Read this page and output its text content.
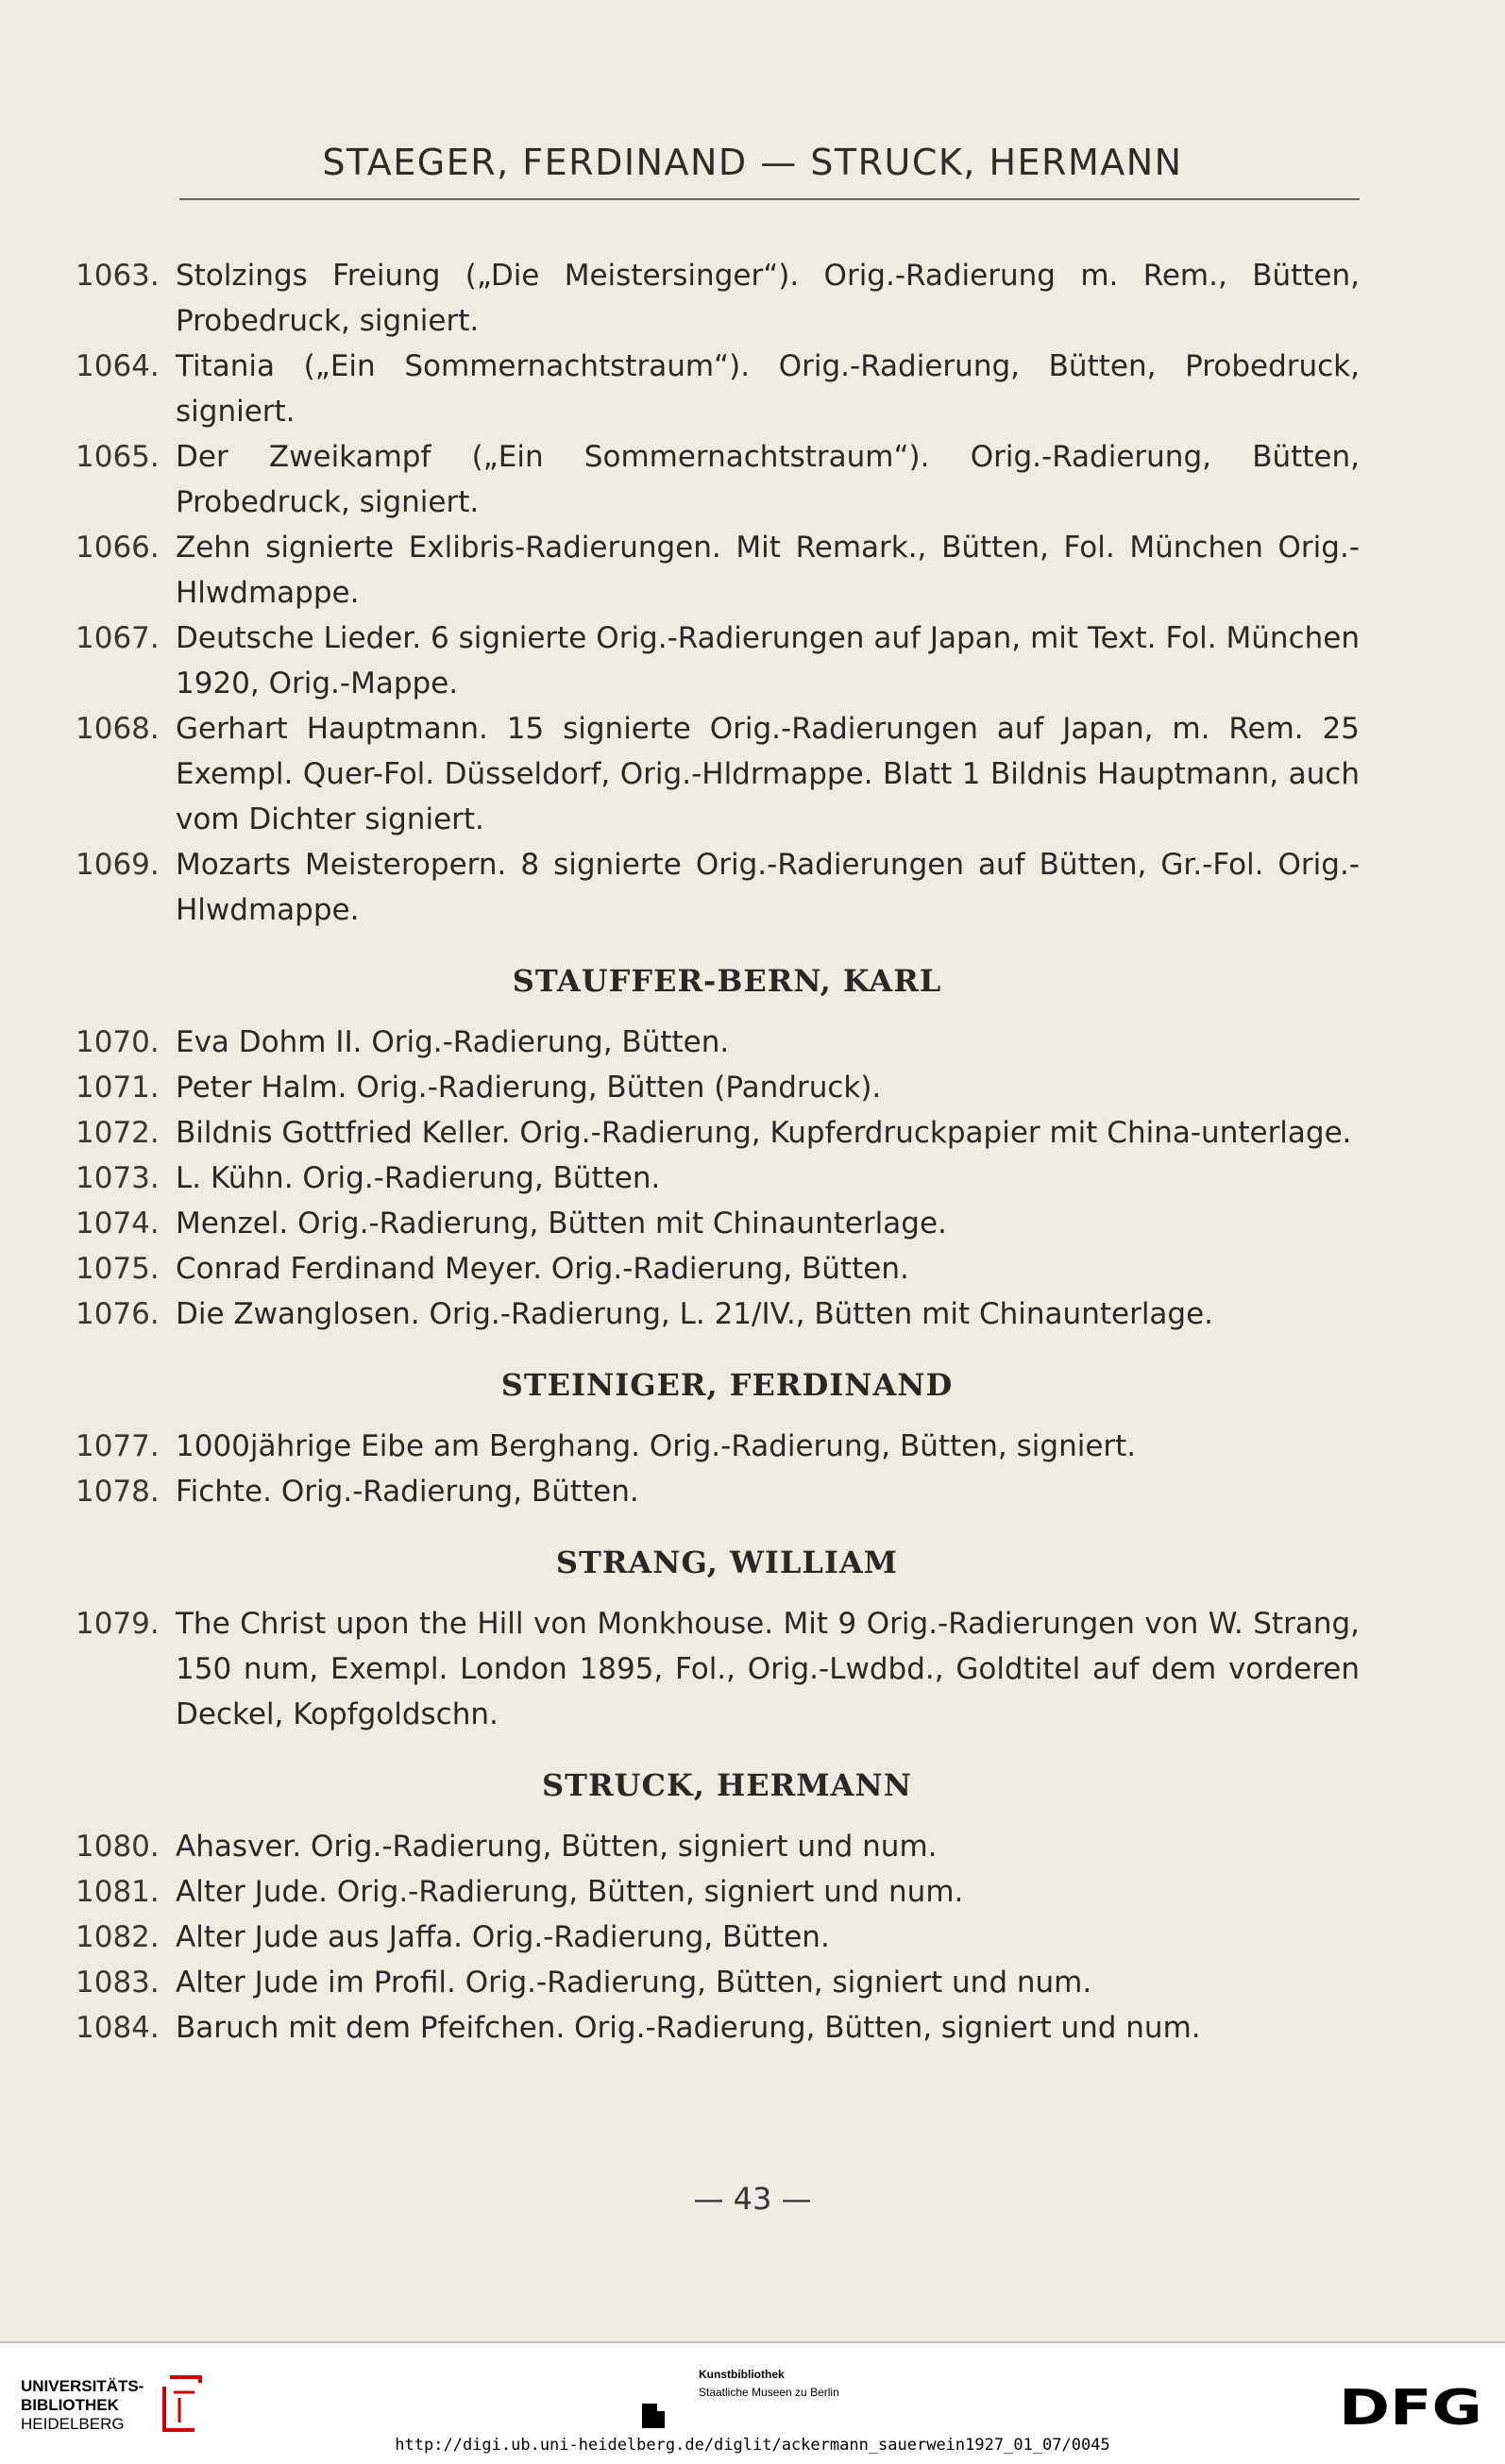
STAEGER, FERDINAND — STRUCK, HERMANN
1063. Stolzings Freiung („Die Meistersinger“). Orig.-Radierung m. Rem., Bütten, Probedruck, signiert.
1064. Titania („Ein Sommernachtstraum“). Orig.-Radierung, Bütten, Probedruck, signiert.
1065. Der Zweikampf („Ein Sommernachtstraum“). Orig.-Radierung, Bütten, Probedruck, signiert.
1066. Zehn signierte Exlibris-Radierungen. Mit Remark., Bütten, Fol. München Orig.-Hlwdmappe.
1067. Deutsche Lieder. 6 signierte Orig.-Radierungen auf Japan, mit Text. Fol. München 1920, Orig.-Mappe.
1068. Gerhart Hauptmann. 15 signierte Orig.-Radierungen auf Japan, m. Rem. 25 Exempl. Quer-Fol. Düsseldorf, Orig.-Hldrmappe. Blatt 1 Bildnis Hauptmann, auch vom Dichter signiert.
1069. Mozarts Meisteropern. 8 signierte Orig.-Radierungen auf Bütten, Gr.-Fol. Orig.-Hlwdmappe.
STAUFFER-BERN, KARL
1070. Eva Dohm II. Orig.-Radierung, Bütten.
1071. Peter Halm. Orig.-Radierung, Bütten (Pandruck).
1072. Bildnis Gottfried Keller. Orig.-Radierung, Kupferdruckpapier mit China-unterlage.
1073. L. Kühn. Orig.-Radierung, Bütten.
1074. Menzel. Orig.-Radierung, Bütten mit Chinaunterlage.
1075. Conrad Ferdinand Meyer. Orig.-Radierung, Bütten.
1076. Die Zwanglosen. Orig.-Radierung, L. 21/IV., Bütten mit Chinaunterlage.
STEINIGER, FERDINAND
1077. 1000jährige Eibe am Berghang. Orig.-Radierung, Bütten, signiert.
1078. Fichte. Orig.-Radierung, Bütten.
STRANG, WILLIAM
1079. The Christ upon the Hill von Monkhouse. Mit 9 Orig.-Radierungen von W. Strang, 150 num, Exempl. London 1895, Fol., Orig.-Lwdbd., Goldtitel auf dem vorderen Deckel, Kopfgoldschn.
STRUCK, HERMANN
1080. Ahasver. Orig.-Radierung, Bütten, signiert und num.
1081. Alter Jude. Orig.-Radierung, Bütten, signiert und num.
1082. Alter Jude aus Jaffa. Orig.-Radierung, Bütten.
1083. Alter Jude im Profil. Orig.-Radierung, Bütten, signiert und num.
1084. Baruch mit dem Pfeifchen. Orig.-Radierung, Bütten, signiert und num.
— 43 —
UNIVERSITÄTS-
BIBLIOTHEK
HEIDELBERG
Kunstbibliothek
Staatliche Museen zu Berlin	DFG
http://digi.ub.uni-heidelberg.de/diglit/ackermann_sauerwein1927_01_07/0045
